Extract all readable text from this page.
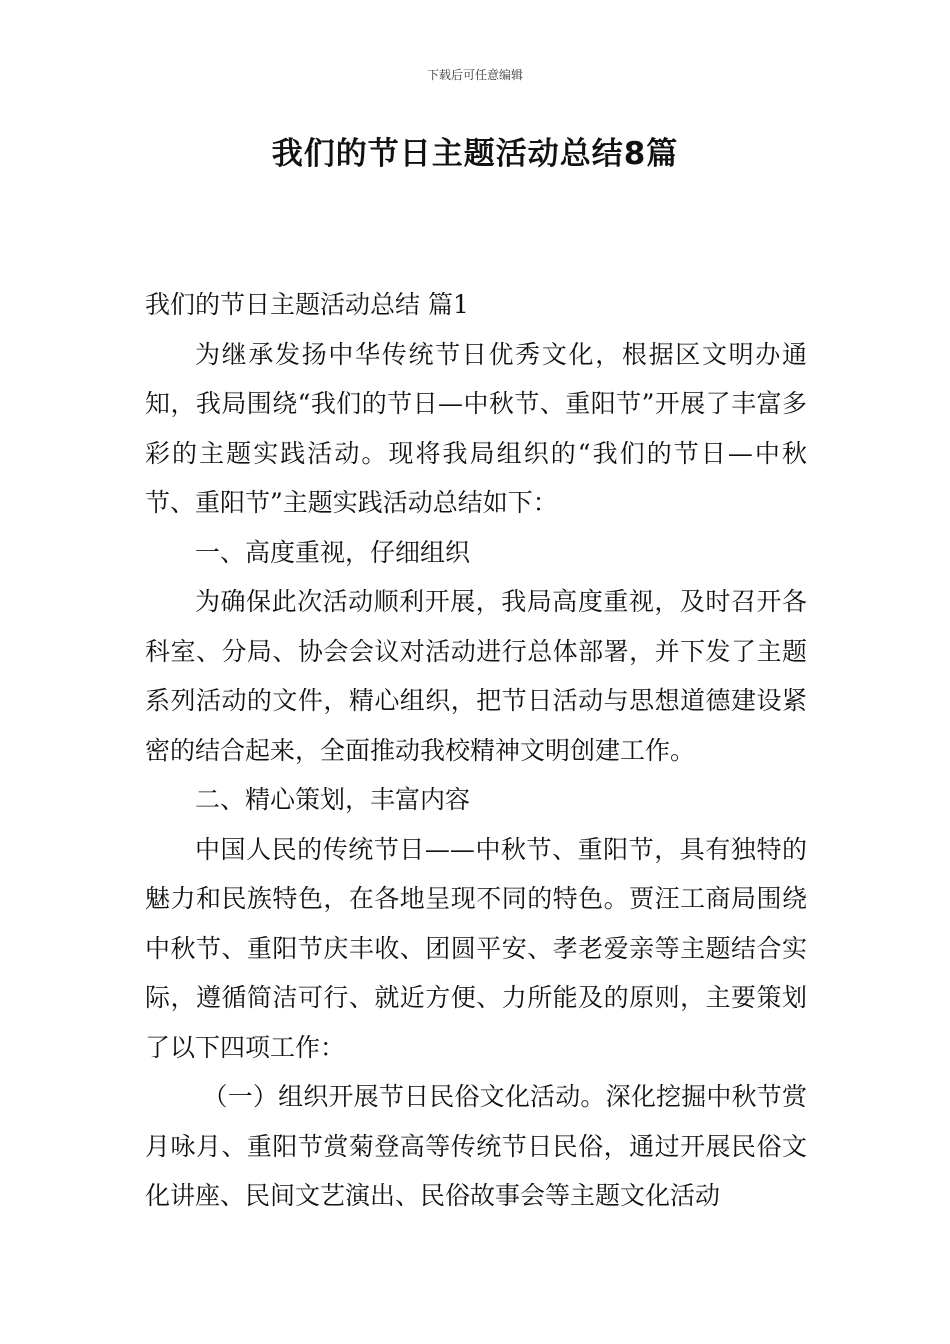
下载后可任意编辑
我们的节日主题活动总结8篇

我们的节日主题活动总结 篇1

为继承发扬中华传统节日优秀文化，根据区文明办通知，我局围绕“我们的节日—中秋节、重阳节”开展了丰富多彩的主题实践活动。现将我局组织的“我们的节日—中秋节、重阳节”主题实践活动总结如下：

一、高度重视，仔细组织

为确保此次活动顺利开展，我局高度重视，及时召开各科室、分局、协会会议对活动进行总体部署，并下发了主题系列活动的文件，精心组织，把节日活动与思想道德建设紧密的结合起来，全面推动我校精神文明创建工作。

二、精心策划，丰富内容

中国人民的传统节日——中秋节、重阳节，具有独特的魅力和民族特色，在各地呈现不同的特色。贾汪工商局围绕中秋节、重阳节庆丰收、团圆平安、孝老爱亲等主题结合实际，遵循简洁可行、就近方便、力所能及的原则，主要策划了以下四项工作：

（一）组织开展节日民俗文化活动。深化挖掘中秋节赏月咏月、重阳节赏菊登高等传统节日民俗，通过开展民俗文化讲座、民间文艺演出、民俗故事会等主题文化活动
